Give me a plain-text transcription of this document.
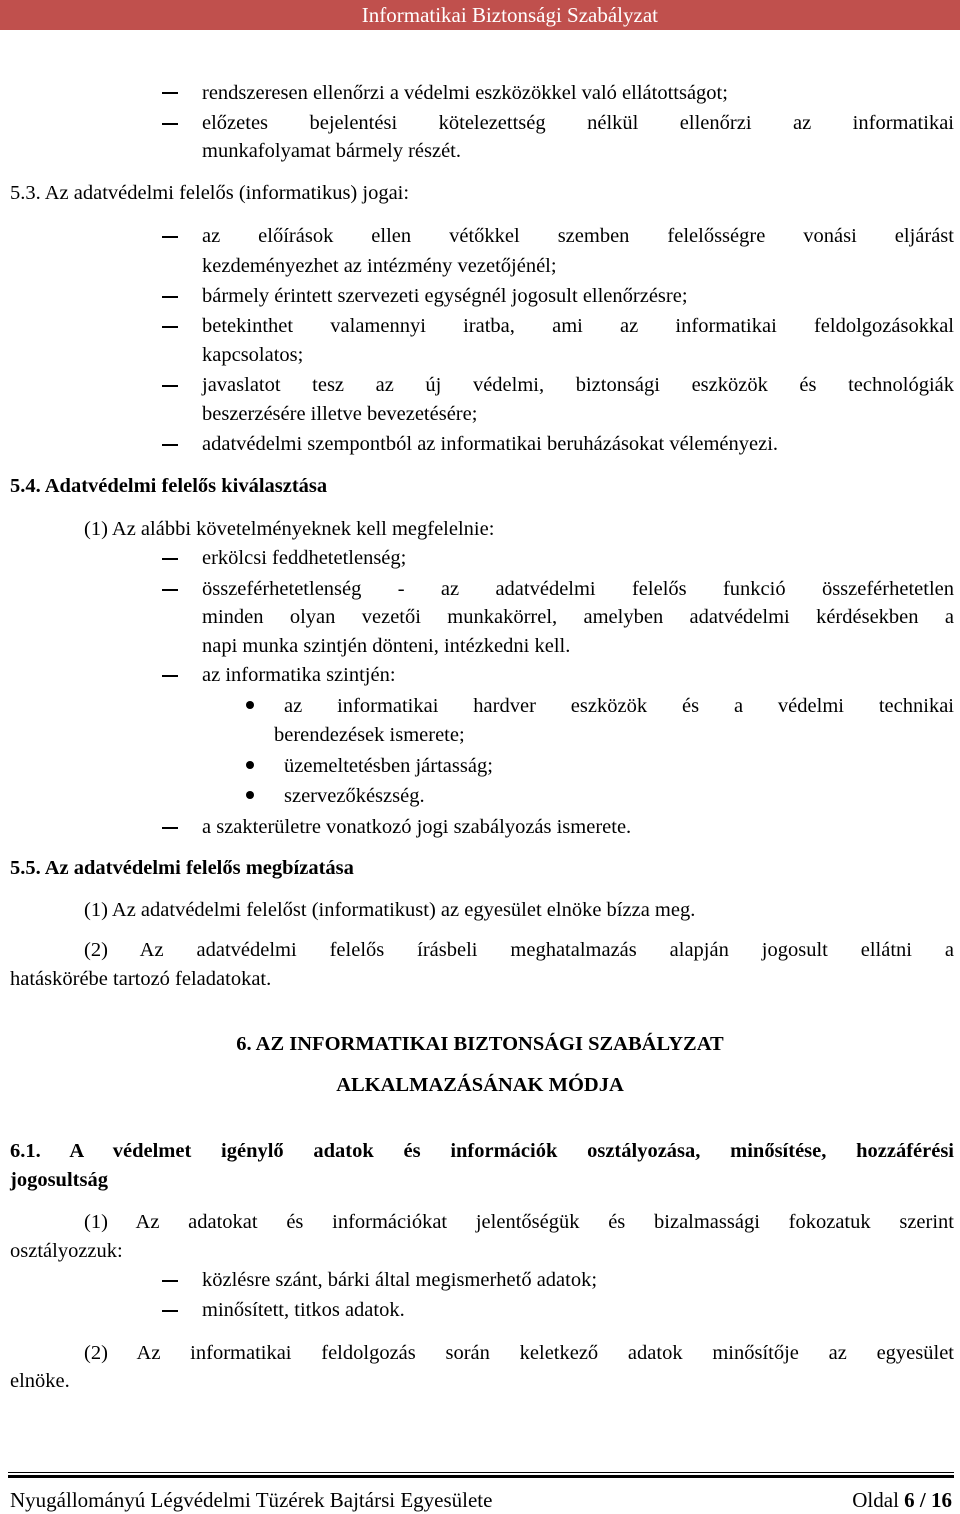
Informatikai Biztonsági Szabályzat
rendszeresen ellenőrzi a védelmi eszközökkel való ellátottságot;
előzetes bejelentési kötelezettség nélkül ellenőrzi az informatikai
munkafolyamat bármely részét.
5.3. Az adatvédelmi felelős (informatikus) jogai:
az előírások ellen vétőkkel szemben felelősségre vonási eljárást
kezdeményezhet az intézmény vezetőjénél;
bármely érintett szervezeti egységnél jogosult ellenőrzésre;
betekinthet valamennyi iratba, ami az informatikai feldolgozásokkal
kapcsolatos;
javaslatot tesz az új védelmi, biztonsági eszközök és technológiák
beszerzésére illetve bevezetésére;
adatvédelmi szempontból az informatikai beruházásokat véleményezi.
5.4. Adatvédelmi felelős kiválasztása
(1) Az alábbi követelményeknek kell megfelelnie:
erkölcsi feddhetetlenség;
összeférhetetlenség - az adatvédelmi felelős funkció összeférhetetlen
minden olyan vezetői munkakörrel, amelyben adatvédelmi kérdésekben a
napi munka szintjén dönteni, intézkedni kell.
az informatika szintjén:
az informatikai hardver eszközök és a védelmi technikai
berendezések ismerete;
üzemeltetésben jártasság;
szervezőkészség.
a szakterületre vonatkozó jogi szabályozás ismerete.
5.5. Az adatvédelmi felelős megbízatása
(1) Az adatvédelmi felelőst (informatikust) az egyesület elnöke bízza meg.
(2) Az adatvédelmi felelős írásbeli meghatalmazás alapján jogosult ellátni a
hatáskörébe tartozó feladatokat.
6. AZ INFORMATIKAI BIZTONSÁGI SZABÁLYZAT
ALKALMAZÁSÁNAK MÓDJA
6.1. A védelmet igénylő adatok és információk osztályozása, minősítése, hozzáférési
jogosultság
(1) Az adatokat és információkat jelentőségük és bizalmassági fokozatuk szerint
osztályozzuk:
közlésre szánt, bárki által megismerhető adatok;
minősített, titkos adatok.
(2) Az informatikai feldolgozás során keletkező adatok minősítője az egyesület
elnöke.
Nyugállományú Légvédelmi Tüzérek Bajtársi Egyesülete	Oldal 6 / 16
